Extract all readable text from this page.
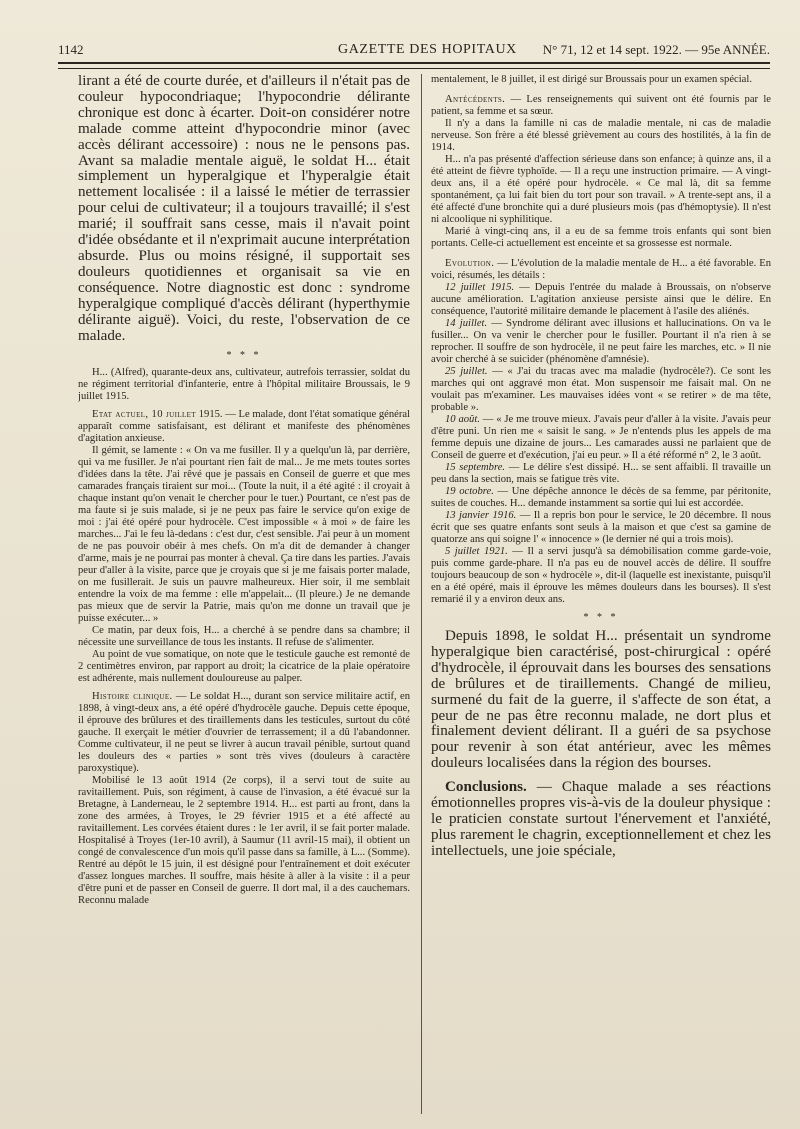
1142	GAZETTE DES HOPITAUX N° 71, 12 et 14 sept. 1922. — 95e ANNÉE.

lirant a été de courte durée, et d'ailleurs il n'était pas de couleur hypocondriaque; l'hypocondrie délirante chronique est donc à écarter. Doit-on considérer notre malade comme atteint d'hypocondrie minor (avec accès délirant accessoire) : nous ne le pensons pas. Avant sa maladie mentale aiguë, le soldat H... était simplement un hyperalgique et l'hyperalgie était nettement localisée : il a laissé le métier de terrassier pour celui de cultivateur; il a toujours travaillé; il s'est marié; il souffrait sans cesse, mais il n'avait point d'idée obsédante et il n'exprimait aucune interprétation absurde. Plus ou moins résigné, il supportait ses douleurs quotidiennes et organisait sa vie en conséquence. Notre diagnostic est donc : syndrome hyperalgique compliqué d'accès délirant (hyperthymie délirante aiguë). Voici, du reste, l'observation de ce malade.

* * *

H... (Alfred), quarante-deux ans, cultivateur, autrefois terrassier, soldat du ne régiment territorial d'infanterie, entre à l'hôpital militaire Broussais, le 9 juillet 1915.

Etat actuel, 10 juillet 1915. — Le malade, dont l'état somatique général apparaît comme satisfaisant, est délirant et manifeste des phénomènes d'agitation anxieuse.

Il gémit, se lamente : « On va me fusiller. Il y a quelqu'un là, par derrière, qui va me fusiller. Je n'ai pourtant rien fait de mal... Je me mets toutes sortes d'idées dans la tête. J'ai rêvé que je passais en Conseil de guerre et que mes camarades français tiraient sur moi... (Toute la nuit, il a été agité : il croyait à chaque instant qu'on venait le chercher pour le tuer.) Pourtant, ce n'est pas de ma faute si je suis malade, si je ne peux pas faire le service qu'on exige de moi : j'ai été opéré pour hydrocèle. C'est impossible « à moi » de faire les marches... J'ai le feu là-dedans : c'est dur, c'est sensible. J'ai peur à un moment de ne pas pouvoir obéir à mes chefs. On m'a dit de demander à changer d'arme, mais je ne pourrai pas monter à cheval. Ça tire dans les parties. J'avais peur d'aller à la visite, parce que je croyais que si je me faisais porter malade, on me fusillerait. Je suis un pauvre malheureux. Hier soir, il me semblait entendre la voix de ma femme : elle m'appelait... (Il pleure.) Je ne demande pas mieux que de servir la Patrie, mais qu'on me donne un travail que je puisse exécuter... »

Ce matin, par deux fois, H... a cherché à se pendre dans sa chambre; il nécessite une surveillance de tous les instants. Il refuse de s'alimenter.

Au point de vue somatique, on note que le testicule gauche est remonté de 2 centimètres environ, par rapport au droit; la cicatrice de la plaie opératoire est adhérente, mais nullement douloureuse au palper.

Histoire clinique. — Le soldat H..., durant son service militaire actif, en 1898, à vingt-deux ans, a été opéré d'hydrocèle gauche. Depuis cette époque, il éprouve des brûlures et des tiraillements dans les testicules, surtout du côté gauche. Il exerçait le métier d'ouvrier de terrassement; il a dû l'abandonner. Comme cultivateur, il ne peut se livrer à aucun travail pénible, surtout quand les douleurs des « parties » sont très vives (douleurs à caractère paroxystique).

Mobilisé le 13 août 1914 (2e corps), il a servi tout de suite au ravitaillement. Puis, son régiment, à cause de l'invasion, a été évacué sur la Bretagne, à Landerneau, le 2 septembre 1914. H... est parti au front, dans la zone des armées, à Troyes, le 29 février 1915 et a été affecté au ravitaillement. Les corvées étaient dures : le 1er avril, il se fait porter malade. Hospitalisé à Troyes (1er-10 avril), à Saumur (11 avril-15 mai), il obtient un congé de convalescence d'un mois qu'il passe dans sa famille, à L... (Somme). Rentré au dépôt le 15 juin, il est désigné pour l'entraînement et doit exécuter d'assez longues marches. Il souffre, mais hésite à aller à la visite : il a peur d'être puni et de passer en Conseil de guerre. Il dort mal, il a des cauchemars. Reconnu malade

mentalement, le 8 juillet, il est dirigé sur Broussais pour un examen spécial.

Antécédents. — Les renseignements qui suivent ont été fournis par le patient, sa femme et sa sœur.

Il n'y a dans la famille ni cas de maladie mentale, ni cas de maladie nerveuse. Son frère a été blessé grièvement au cours des hostilités, à la fin de 1914.

H... n'a pas présenté d'affection sérieuse dans son enfance; à quinze ans, il a été atteint de fièvre typhoïde. — Il a reçu une instruction primaire. — A vingt-deux ans, il a été opéré pour hydrocèle. « Ce mal là, dit sa femme spontanément, ça lui fait bien du tort pour son travail. » A trente-sept ans, il a été affecté d'une bronchite qui a duré plusieurs mois (pas d'hémoptysie). Il n'est ni alcoolique ni syphilitique.

Marié à vingt-cinq ans, il a eu de sa femme trois enfants qui sont bien portants. Celle-ci actuellement est enceinte et sa grossesse est normale.

Evolution. — L'évolution de la maladie mentale de H... a été favorable. En voici, résumés, les détails :

12 juillet 1915. — Depuis l'entrée du malade à Broussais, on n'observe aucune amélioration. L'agitation anxieuse persiste ainsi que le délire. En conséquence, l'autorité militaire demande le placement à l'asile des aliénés.

14 juillet. — Syndrome délirant avec illusions et hallucinations. On va le fusiller... On va venir le chercher pour le fusiller. Pourtant il n'a rien à se reprocher. Il souffre de son hydrocèle, il ne peut faire les marches, etc. » Il nie avoir cherché à se suicider (phénomène d'amnésie).

25 juillet. — « J'ai du tracas avec ma maladie (hydrocèle?). Ce sont les marches qui ont aggravé mon état. Mon suspensoir me faisait mal. On ne voulait pas m'examiner. Les mauvaises idées vont « se retirer » de ma tête, probable ».

10 août. — « Je me trouve mieux. J'avais peur d'aller à la visite. J'avais peur d'être puni. Un rien me « saisit le sang. » Je n'entends plus les appels de ma femme depuis une dizaine de jours... Les camarades aussi ne parlaient que de Conseil de guerre et d'exécution, j'ai eu peur. » Il a été réformé n° 2, le 3 août.

15 septembre. — Le délire s'est dissipé. H... se sent affaibli. Il travaille un peu dans la section, mais se fatigue très vite.

19 octobre. — Une dépêche annonce le décès de sa femme, par péritonite, suites de couches. H... demande instamment sa sortie qui lui est accordée.

13 janvier 1916. — Il a repris bon pour le service, le 20 décembre. Il nous écrit que ses quatre enfants sont seuls à la maison et que c'est sa gamine de quatorze ans qui soigne l' « innocence » (le dernier né qui a trois mois).

5 juillet 1921. — Il a servi jusqu'à sa démobilisation comme garde-voie, puis comme garde-phare. Il n'a pas eu de nouvel accès de délire. Il souffre toujours beaucoup de son « hydrocèle », dit-il (laquelle est inexistante, puisqu'il en a été opéré, mais il éprouve les mêmes douleurs dans les bourses). Il s'est remarié il y a environ deux ans.

* * *

Depuis 1898, le soldat H... présentait un syndrome hyperalgique bien caractérisé, post-chirurgical : opéré d'hydrocèle, il éprouvait dans les bourses des sensations de brûlures et de tiraillements. Changé de milieu, surmené du fait de la guerre, il s'affecte de son état, a peur de ne pas être reconnu malade, ne dort plus et finalement devient délirant. Il a guéri de sa psychose pour revenir à son état antérieur, avec les mêmes douleurs localisées dans la région des bourses.

Conclusions. — Chaque malade a ses réactions émotionnelles propres vis-à-vis de la douleur physique : le praticien constate surtout l'énervement et l'anxiété, plus rarement le chagrin, exceptionnellement et chez les intellectuels, une joie spéciale,
